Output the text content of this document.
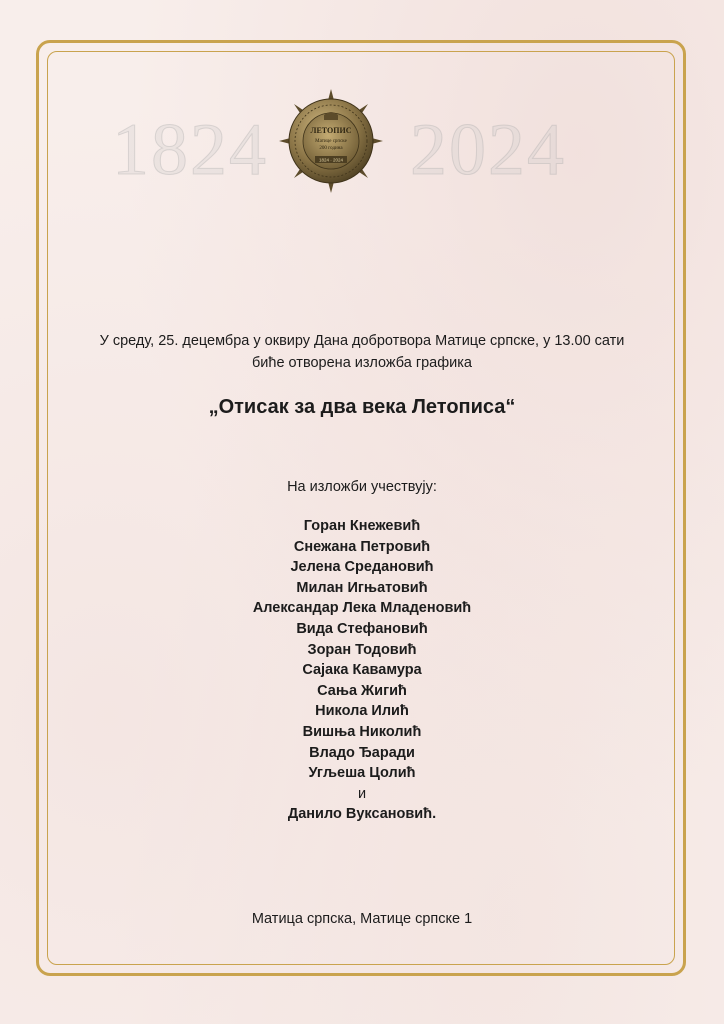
1824 2024
ЛЕТОПИС
Матице српске
200 година
1824 · 2024
У среду, 25. децембра у оквиру Дана добротвора Матице српске, у 13.00 сати
биће отворена изложба графика
„Отисак за два века Летописа“
На изложби учествују:
Горан Кнежевић
Снежана Петровић
Јелена Средановић
Милан Игњатовић
Александар Лека Младеновић
Вида Стефановић
Зоран Тодовић
Сајака Кавамура
Сања Жигић
Никола Илић
Вишња Николић
Владо Ђаради
Угљеша Цолић
и
Данило Вуксановић.
Матица српска, Матице српске 1
